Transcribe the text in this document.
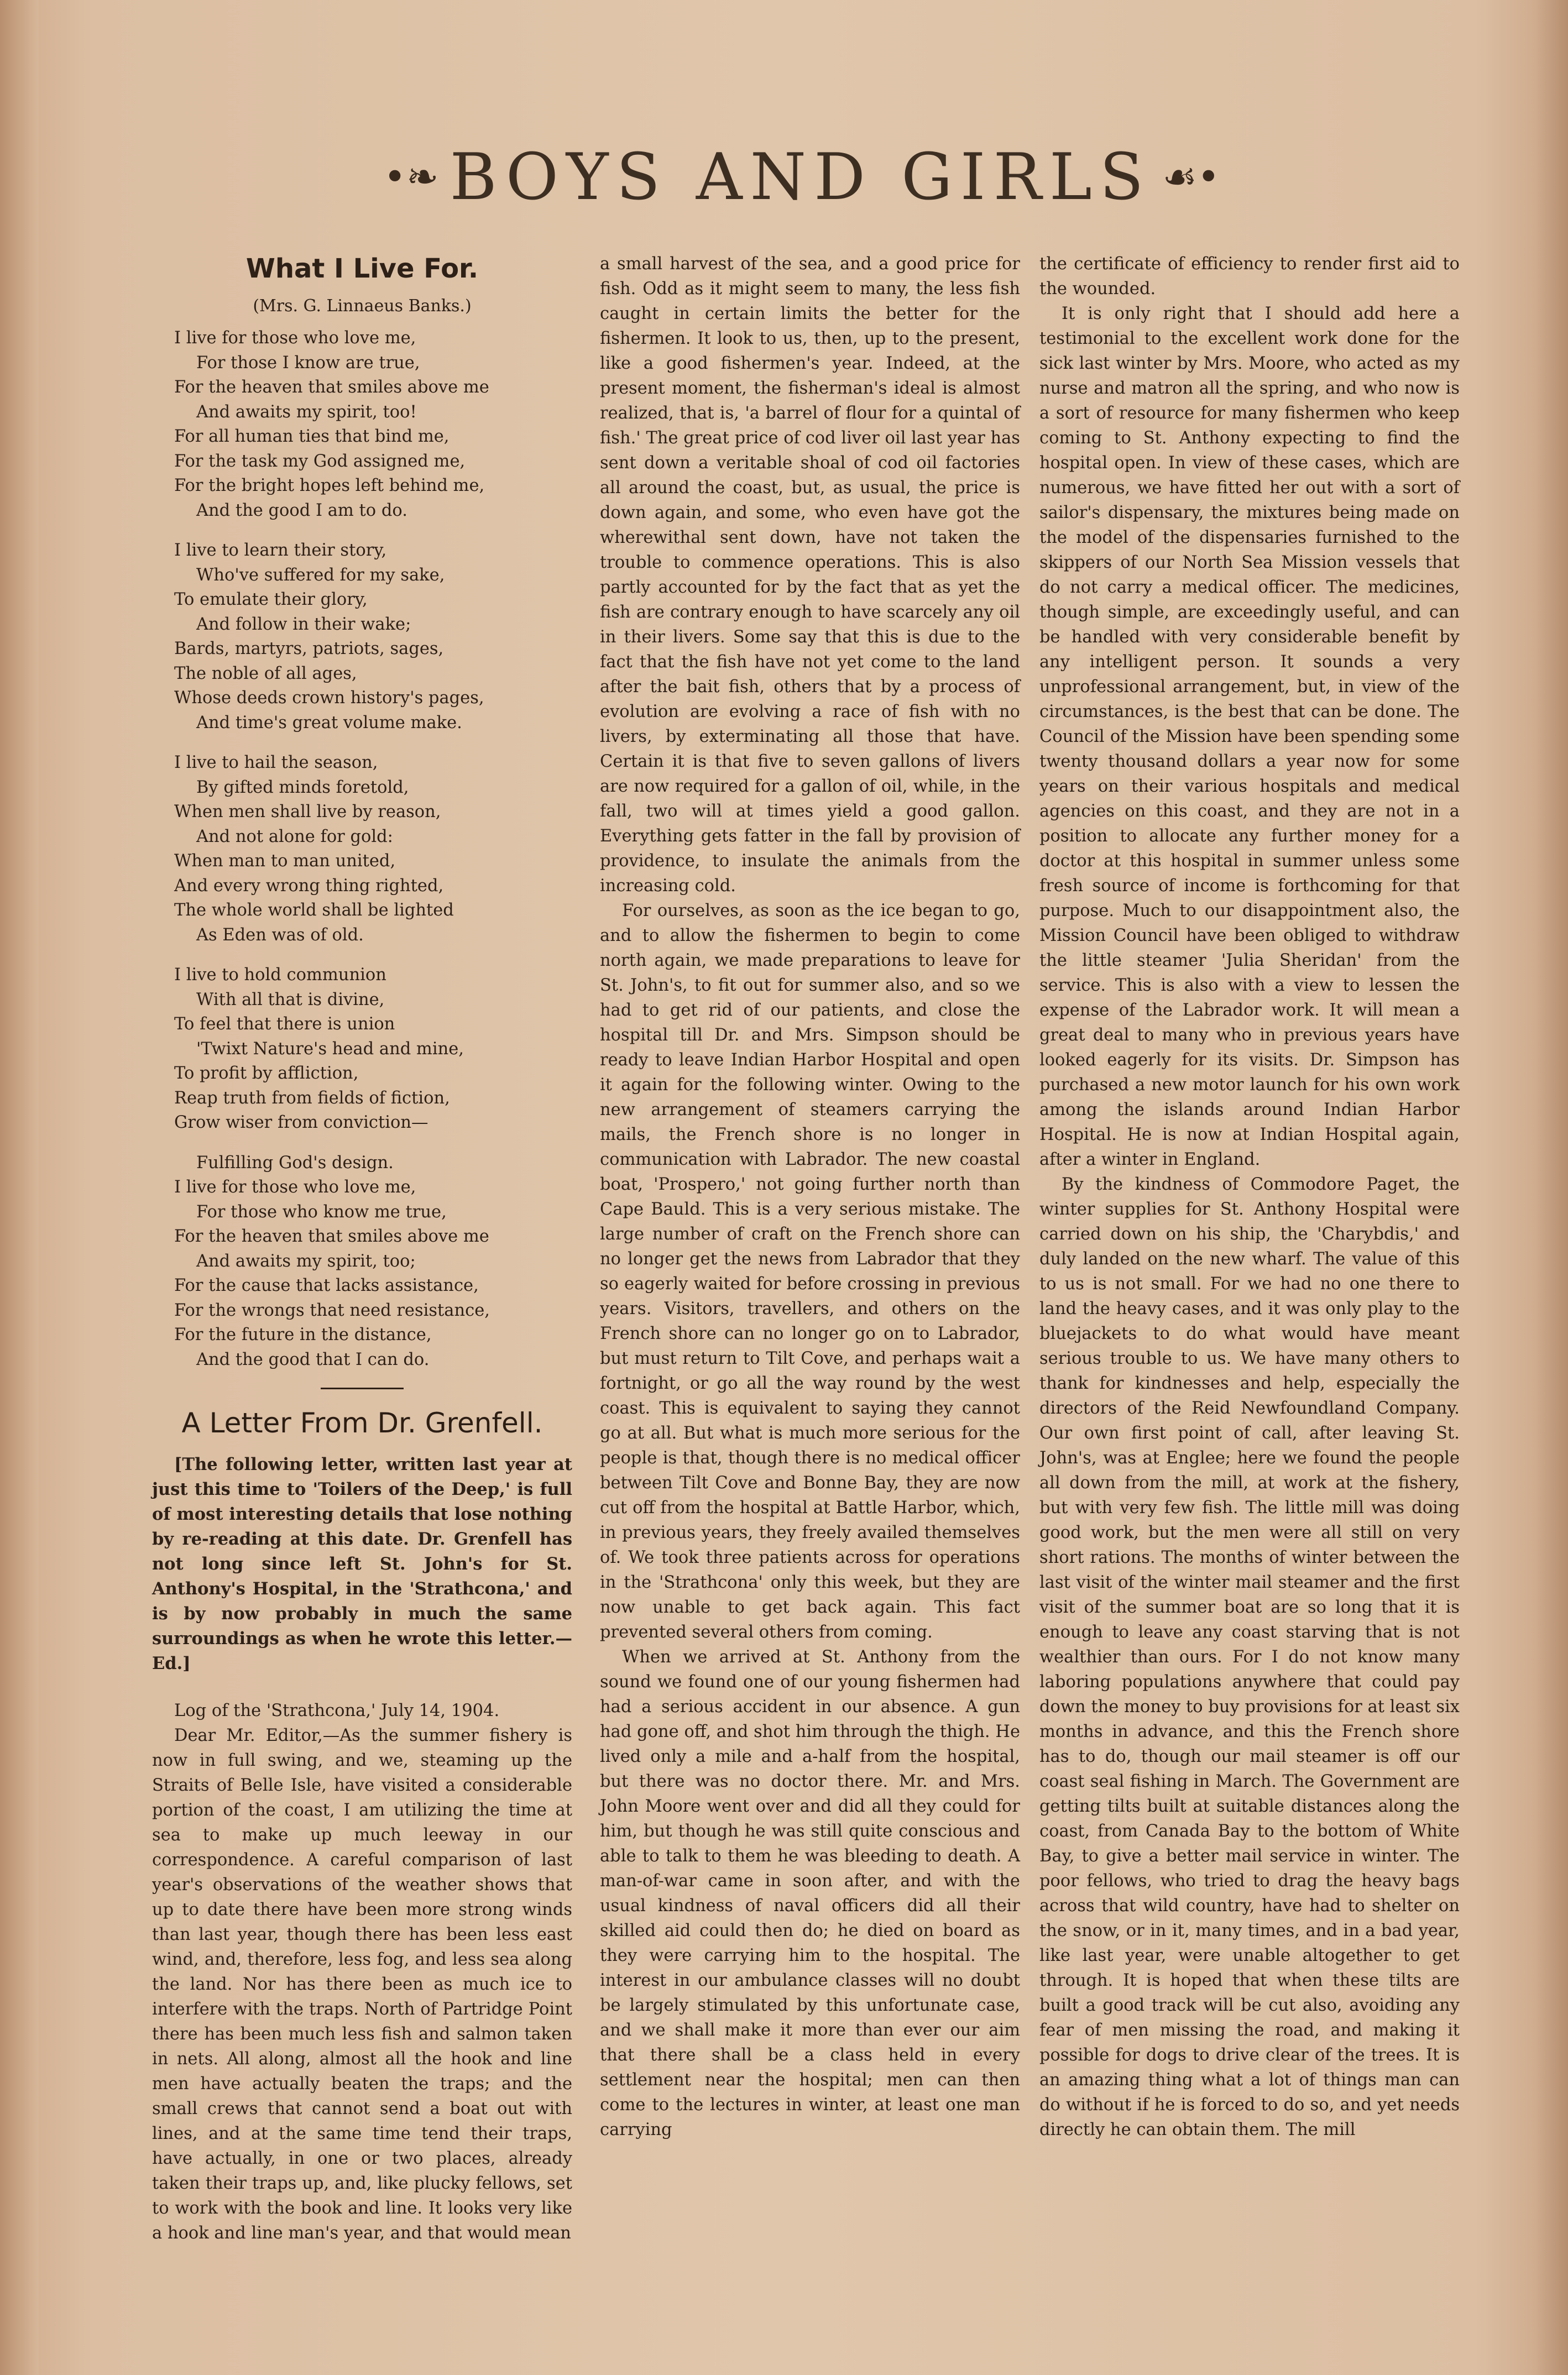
•❧ BOYS AND GIRLS ☙•
What I Live For.
(Mrs. G. Linnaeus Banks.)
I live for those who love me,
For those I know are true,
For the heaven that smiles above me
And awaits my spirit, too!
For all human ties that bind me,
For the task my God assigned me,
For the bright hopes left behind me,
And the good I am to do.
I live to learn their story,
Who've suffered for my sake,
To emulate their glory,
And follow in their wake;
Bards, martyrs, patriots, sages,
The noble of all ages,
Whose deeds crown history's pages,
And time's great volume make.
I live to hail the season,
By gifted minds foretold,
When men shall live by reason,
And not alone for gold:
When man to man united,
And every wrong thing righted,
The whole world shall be lighted
As Eden was of old.
I live to hold communion
With all that is divine,
To feel that there is union
'Twixt Nature's head and mine,
To profit by affliction,
Reap truth from fields of fiction,
Grow wiser from conviction—
Fulfilling God's design.
I live for those who love me,
For those who know me true,
For the heaven that smiles above me
And awaits my spirit, too;
For the cause that lacks assistance,
For the wrongs that need resistance,
For the future in the distance,
And the good that I can do.
A Letter From Dr. Grenfell.

[The following letter, written last year at just this time to 'Toilers of the Deep,' is full of most interesting details that lose nothing by re-reading at this date. Dr. Grenfell has not long since left St. John's for St. Anthony's Hospital, in the 'Strathcona,' and is by now probably in much the same surroundings as when he wrote this letter.—Ed.]

Log of the 'Strathcona,' July 14, 1904.

Dear Mr. Editor,—As the summer fishery is now in full swing, and we, steaming up the Straits of Belle Isle, have visited a considerable portion of the coast, I am utilizing the time at sea to make up much leeway in our correspondence. A careful comparison of last year's observations of the weather shows that up to date there have been more strong winds than last year, though there has been less east wind, and, therefore, less fog, and less sea along the land. Nor has there been as much ice to interfere with the traps. North of Partridge Point there has been much less fish and salmon taken in nets. All along, almost all the hook and line men have actually beaten the traps; and the small crews that cannot send a boat out with lines, and at the same time tend their traps, have actually, in one or two places, already taken their traps up, and, like plucky fellows, set to work with the book and line. It looks very like a hook and line man's year, and that would mean

a small harvest of the sea, and a good price for fish. Odd as it might seem to many, the less fish caught in certain limits the better for the fishermen. It look to us, then, up to the present, like a good fishermen's year. Indeed, at the present moment, the fisherman's ideal is almost realized, that is, 'a barrel of flour for a quintal of fish.' The great price of cod liver oil last year has sent down a veritable shoal of cod oil factories all around the coast, but, as usual, the price is down again, and some, who even have got the wherewithal sent down, have not taken the trouble to commence operations. This is also partly accounted for by the fact that as yet the fish are contrary enough to have scarcely any oil in their livers. Some say that this is due to the fact that the fish have not yet come to the land after the bait fish, others that by a process of evolution are evolving a race of fish with no livers, by exterminating all those that have. Certain it is that five to seven gallons of livers are now required for a gallon of oil, while, in the fall, two will at times yield a good gallon. Everything gets fatter in the fall by provision of providence, to insulate the animals from the increasing cold.

For ourselves, as soon as the ice began to go, and to allow the fishermen to begin to come north again, we made preparations to leave for St. John's, to fit out for summer also, and so we had to get rid of our patients, and close the hospital till Dr. and Mrs. Simpson should be ready to leave Indian Harbor Hospital and open it again for the following winter. Owing to the new arrangement of steamers carrying the mails, the French shore is no longer in communication with Labrador. The new coastal boat, 'Prospero,' not going further north than Cape Bauld. This is a very serious mistake. The large number of craft on the French shore can no longer get the news from Labrador that they so eagerly waited for before crossing in previous years. Visitors, travellers, and others on the French shore can no longer go on to Labrador, but must return to Tilt Cove, and perhaps wait a fortnight, or go all the way round by the west coast. This is equivalent to saying they cannot go at all. But what is much more serious for the people is that, though there is no medical officer between Tilt Cove and Bonne Bay, they are now cut off from the hospital at Battle Harbor, which, in previous years, they freely availed themselves of. We took three patients across for operations in the 'Strathcona' only this week, but they are now unable to get back again. This fact prevented several others from coming.

When we arrived at St. Anthony from the sound we found one of our young fishermen had had a serious accident in our absence. A gun had gone off, and shot him through the thigh. He lived only a mile and a-half from the hospital, but there was no doctor there. Mr. and Mrs. John Moore went over and did all they could for him, but though he was still quite conscious and able to talk to them he was bleeding to death. A man-of-war came in soon after, and with the usual kindness of naval officers did all their skilled aid could then do; he died on board as they were carrying him to the hospital. The interest in our ambulance classes will no doubt be largely stimulated by this unfortunate case, and we shall make it more than ever our aim that there shall be a class held in every settlement near the hospital; men can then come to the lectures in winter, at least one man carrying

the certificate of efficiency to render first aid to the wounded.

It is only right that I should add here a testimonial to the excellent work done for the sick last winter by Mrs. Moore, who acted as my nurse and matron all the spring, and who now is a sort of resource for many fishermen who keep coming to St. Anthony expecting to find the hospital open. In view of these cases, which are numerous, we have fitted her out with a sort of sailor's dispensary, the mixtures being made on the model of the dispensaries furnished to the skippers of our North Sea Mission vessels that do not carry a medical officer. The medicines, though simple, are exceedingly useful, and can be handled with very considerable benefit by any intelligent person. It sounds a very unprofessional arrangement, but, in view of the circumstances, is the best that can be done. The Council of the Mission have been spending some twenty thousand dollars a year now for some years on their various hospitals and medical agencies on this coast, and they are not in a position to allocate any further money for a doctor at this hospital in summer unless some fresh source of income is forthcoming for that purpose. Much to our disappointment also, the Mission Council have been obliged to withdraw the little steamer 'Julia Sheridan' from the service. This is also with a view to lessen the expense of the Labrador work. It will mean a great deal to many who in previous years have looked eagerly for its visits. Dr. Simpson has purchased a new motor launch for his own work among the islands around Indian Harbor Hospital. He is now at Indian Hospital again, after a winter in England.

By the kindness of Commodore Paget, the winter supplies for St. Anthony Hospital were carried down on his ship, the 'Charybdis,' and duly landed on the new wharf. The value of this to us is not small. For we had no one there to land the heavy cases, and it was only play to the bluejackets to do what would have meant serious trouble to us. We have many others to thank for kindnesses and help, especially the directors of the Reid Newfoundland Company. Our own first point of call, after leaving St. John's, was at Englee; here we found the people all down from the mill, at work at the fishery, but with very few fish. The little mill was doing good work, but the men were all still on very short rations. The months of winter between the last visit of the winter mail steamer and the first visit of the summer boat are so long that it is enough to leave any coast starving that is not wealthier than ours. For I do not know many laboring populations anywhere that could pay down the money to buy provisions for at least six months in advance, and this the French shore has to do, though our mail steamer is off our coast seal fishing in March. The Government are getting tilts built at suitable distances along the coast, from Canada Bay to the bottom of White Bay, to give a better mail service in winter. The poor fellows, who tried to drag the heavy bags across that wild country, have had to shelter on the snow, or in it, many times, and in a bad year, like last year, were unable altogether to get through. It is hoped that when these tilts are built a good track will be cut also, avoiding any fear of men missing the road, and making it possible for dogs to drive clear of the trees. It is an amazing thing what a lot of things man can do without if he is forced to do so, and yet needs directly he can obtain them. The mill
